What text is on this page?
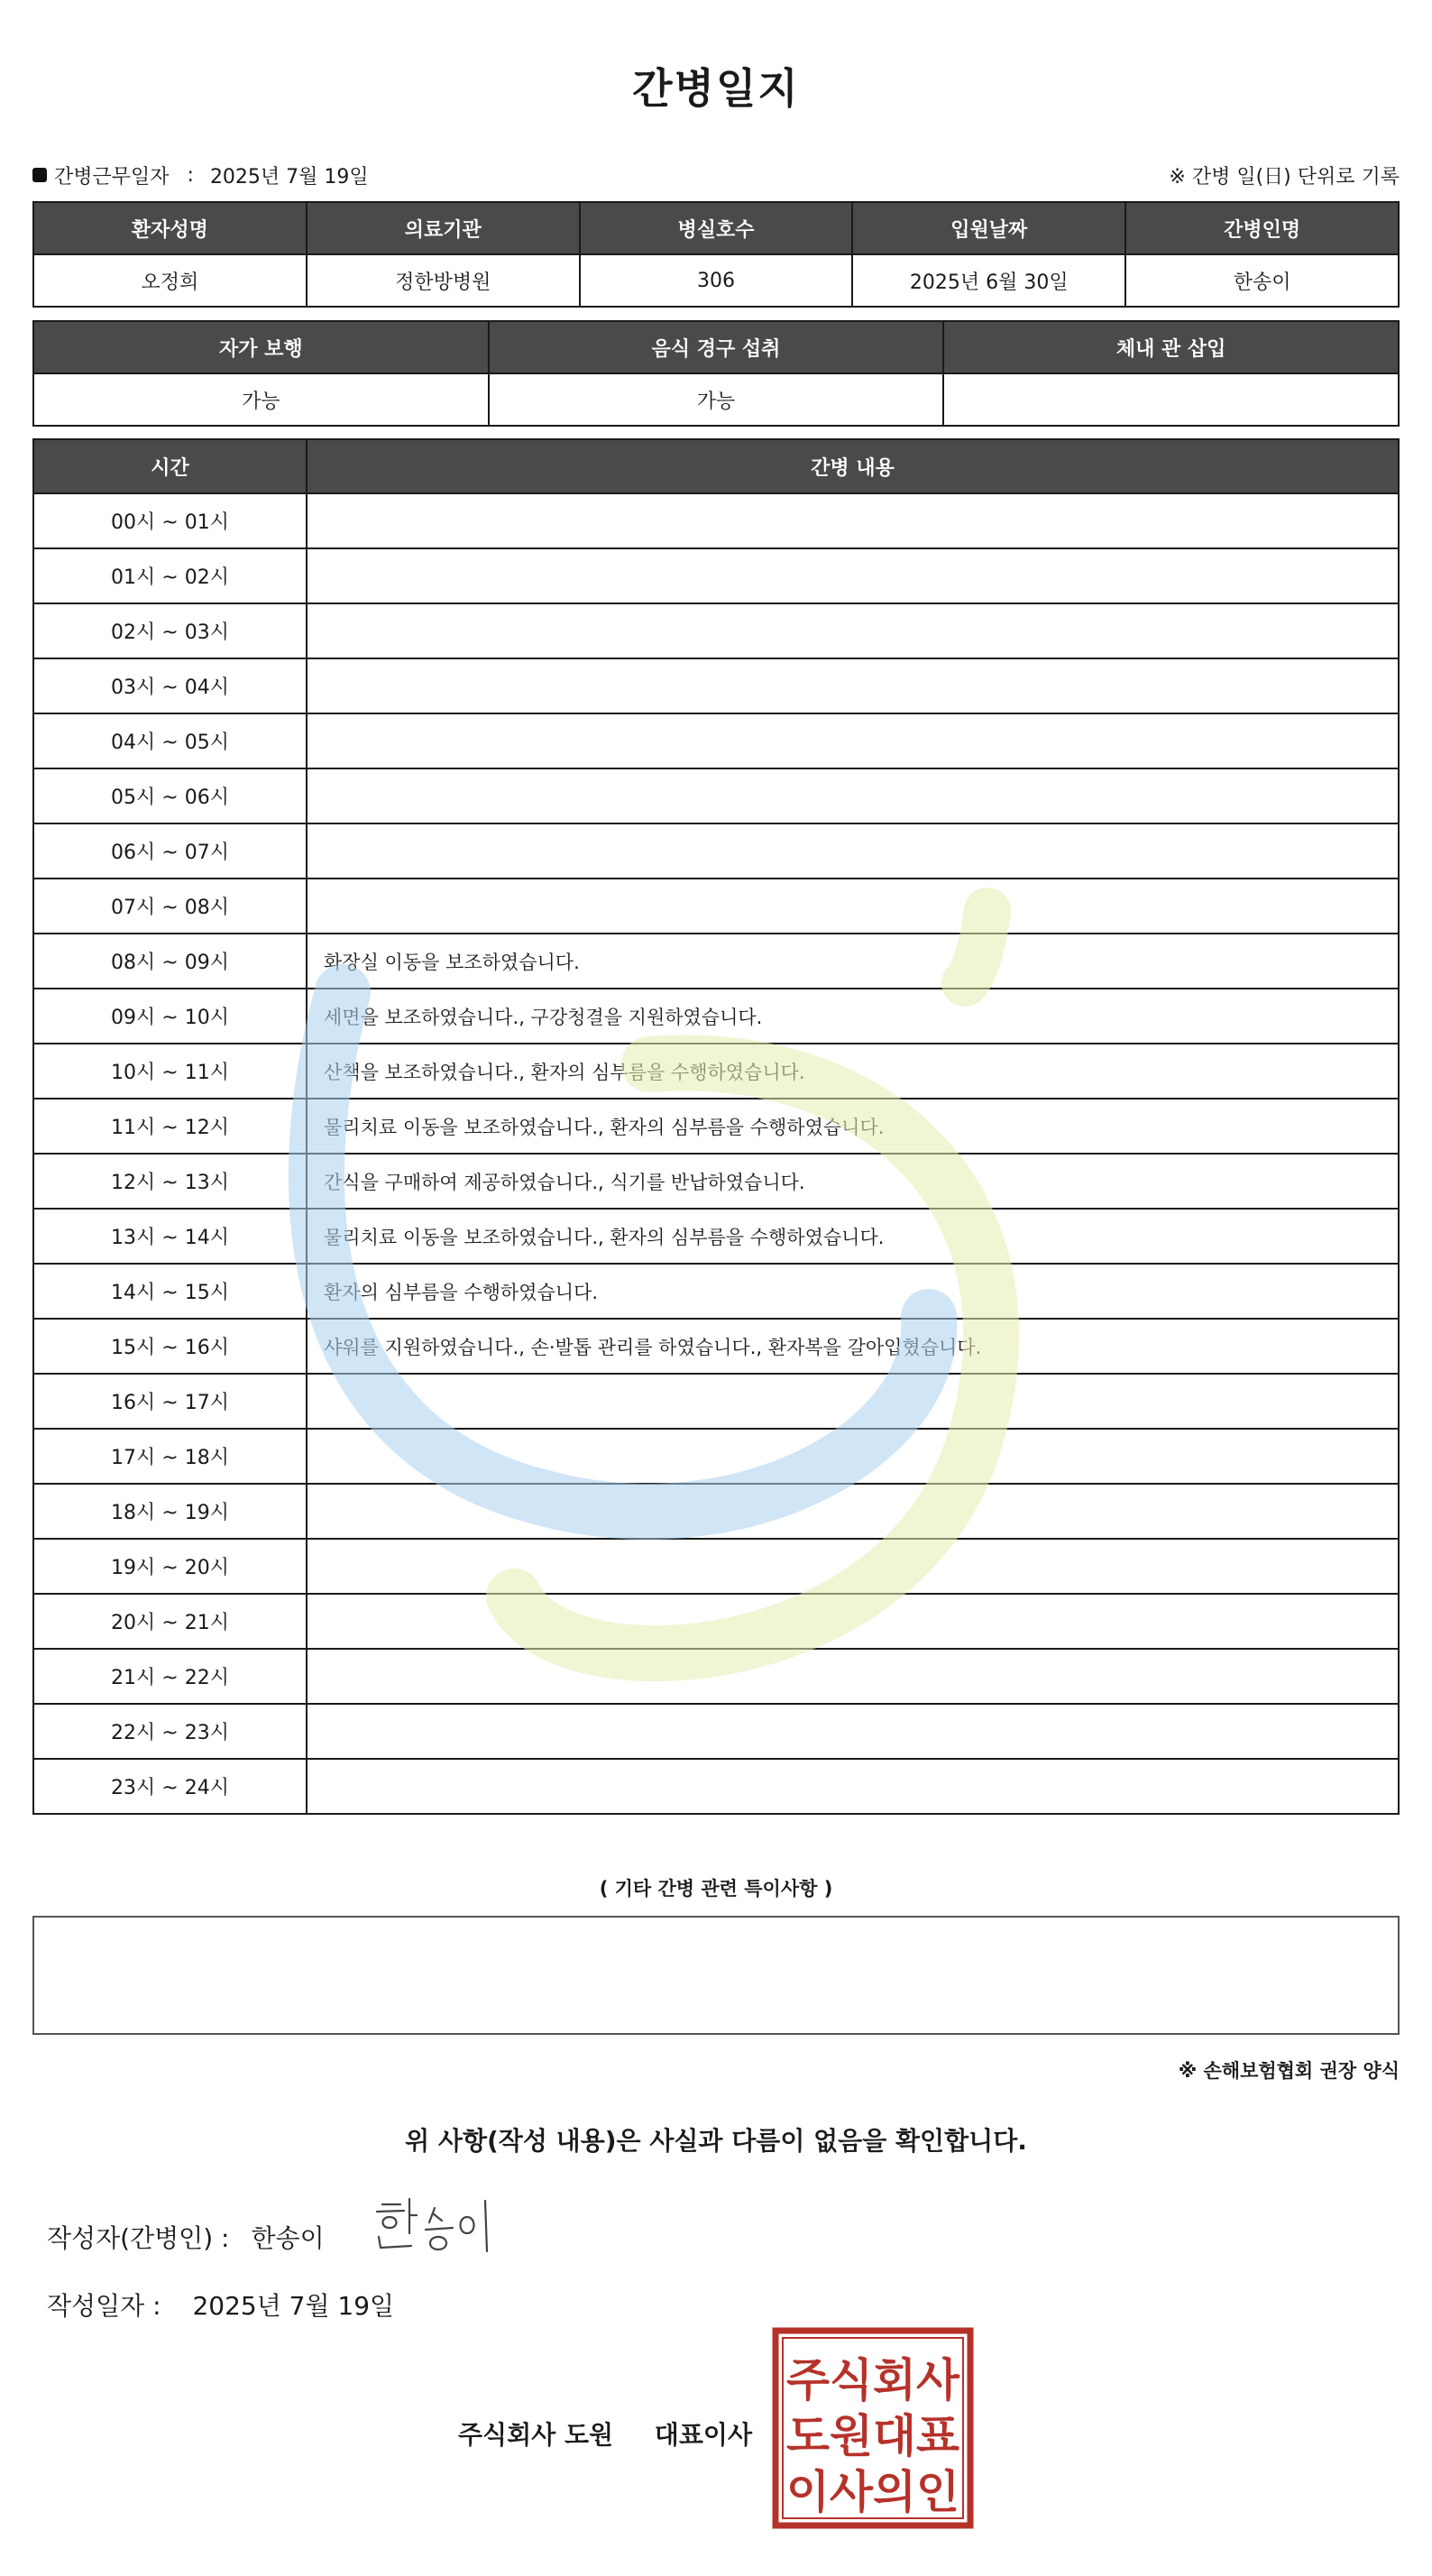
간병일지
간병근무일자 : 2025년 7월 19일	※ 간병 일(日) 단위로 기록
환자성명	의료기관	병실호수	입원날짜	간병인명
오정희	정한방병원	306	2025년 6월 30일	한송이
자가 보행	음식 경구 섭취	체내 관 삽입
가능	가능	
시간	간병 내용
00시 ~ 01시	
01시 ~ 02시	
02시 ~ 03시	
03시 ~ 04시	
04시 ~ 05시	
05시 ~ 06시	
06시 ~ 07시	
07시 ~ 08시	
08시 ~ 09시	화장실 이동을 보조하였습니다.
09시 ~ 10시	세면을 보조하였습니다., 구강청결을 지원하였습니다.
10시 ~ 11시	산책을 보조하였습니다., 환자의 심부름을 수행하였습니다.
11시 ~ 12시	물리치료 이동을 보조하였습니다., 환자의 심부름을 수행하였습니다.
12시 ~ 13시	간식을 구매하여 제공하였습니다., 식기를 반납하였습니다.
13시 ~ 14시	물리치료 이동을 보조하였습니다., 환자의 심부름을 수행하였습니다.
14시 ~ 15시	환자의 심부름을 수행하였습니다.
15시 ~ 16시	샤워를 지원하였습니다., 손·발톱 관리를 하였습니다., 환자복을 갈아입혔습니다.
16시 ~ 17시	
17시 ~ 18시	
18시 ~ 19시	
19시 ~ 20시	
20시 ~ 21시	
21시 ~ 22시	
22시 ~ 23시	
23시 ~ 24시	
( 기타 간병 관련 특이사항 )
※ 손해보험협회 권장 양식
위 사항(작성 내용)은 사실과 다름이 없음을 확인합니다.
작성자(간병인) : 한송이
작성일자 : 2025년 7월 19일
주식회사 도원 대표이사
주식회사
도원대표
이사의인
